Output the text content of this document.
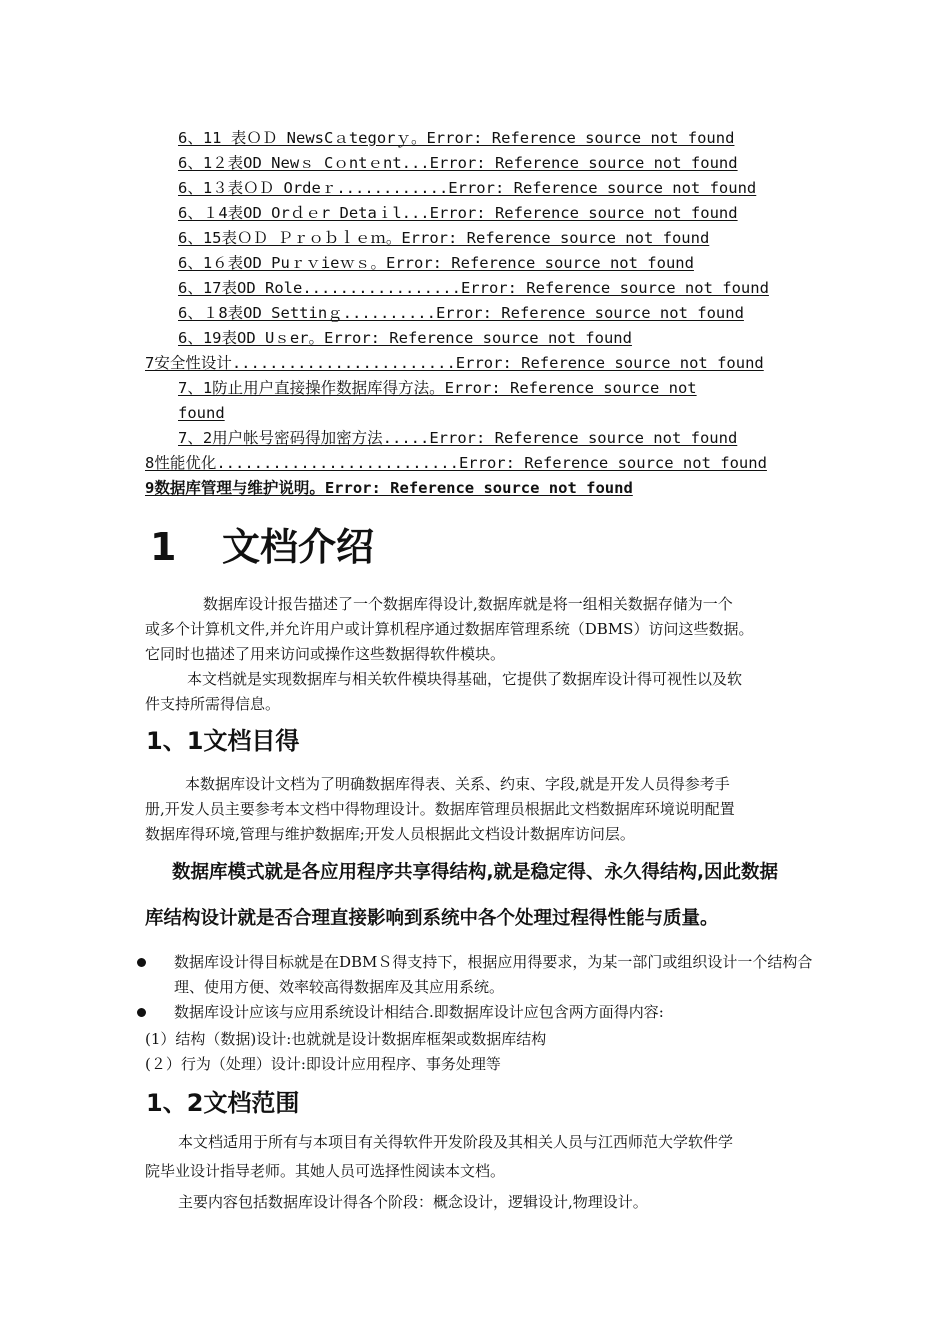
6、11 表ＯＤ NewsCａtegorｙ。Error: Reference source not found
6、1２表OD Newｓ Cｏntｅnt...Error: Reference source not found
6、1３表ＯＤ Ordeｒ............Error: Reference source not found
6、１4表OD Orｄｅr Detaｉl...Error: Reference source not found
6、15表ＯＤ Ｐｒｏｂｌｅｍ。Error: Reference source not found
6、1６表OD Puｒｖieｗｓ。Error: Reference source not found
6、17表OD Role.................Error: Reference source not found
6、１8表OD Settinｇ..........Error: Reference source not found
6、19表OD Uｓer。Error: Reference source not found
7安全性设计........................Error: Reference source not found
7、1防止用户直接操作数据库得方法。Error: Reference source not
found
7、2用户帐号密码得加密方法.....Error: Reference source not found
8性能优化..........................Error: Reference source not found
9数据库管理与维护说明。Error: Reference source not found
1 文档介绍
数据库设计报告描述了一个数据库得设计,数据库就是将一组相关数据存储为一个
或多个计算机文件,并允许用户或计算机程序通过数据库管理系统（DBMS）访问这些数据。
它同时也描述了用来访问或操作这些数据得软件模块。
本文档就是实现数据库与相关软件模块得基础，它提供了数据库设计得可视性以及软
件支持所需得信息。
1、1文档目得
本数据库设计文档为了明确数据库得表、关系、约束、字段,就是开发人员得参考手
册,开发人员主要参考本文档中得物理设计。数据库管理员根据此文档数据库环境说明配置
数据库得环境,管理与维护数据库;开发人员根据此文档设计数据库访问层。
数据库模式就是各应用程序共享得结构,就是稳定得、永久得结构,因此数据
库结构设计就是否合理直接影响到系统中各个处理过程得性能与质量。
数据库设计得目标就是在DBMＳ得支持下，根据应用得要求，为某一部门或组织设计一个结构合
理、使用方便、效率较高得数据库及其应用系统。
数据库设计应该与应用系统设计相结合.即数据库设计应包含两方面得内容:
(1）结构（数据)设计:也就就是设计数据库框架或数据库结构
(２）行为（处理）设计:即设计应用程序、事务处理等
1、2文档范围
本文档适用于所有与本项目有关得软件开发阶段及其相关人员与江西师范大学软件学
院毕业设计指导老师。其她人员可选择性阅读本文档。
主要内容包括数据库设计得各个阶段：概念设计，逻辑设计,物理设计。
